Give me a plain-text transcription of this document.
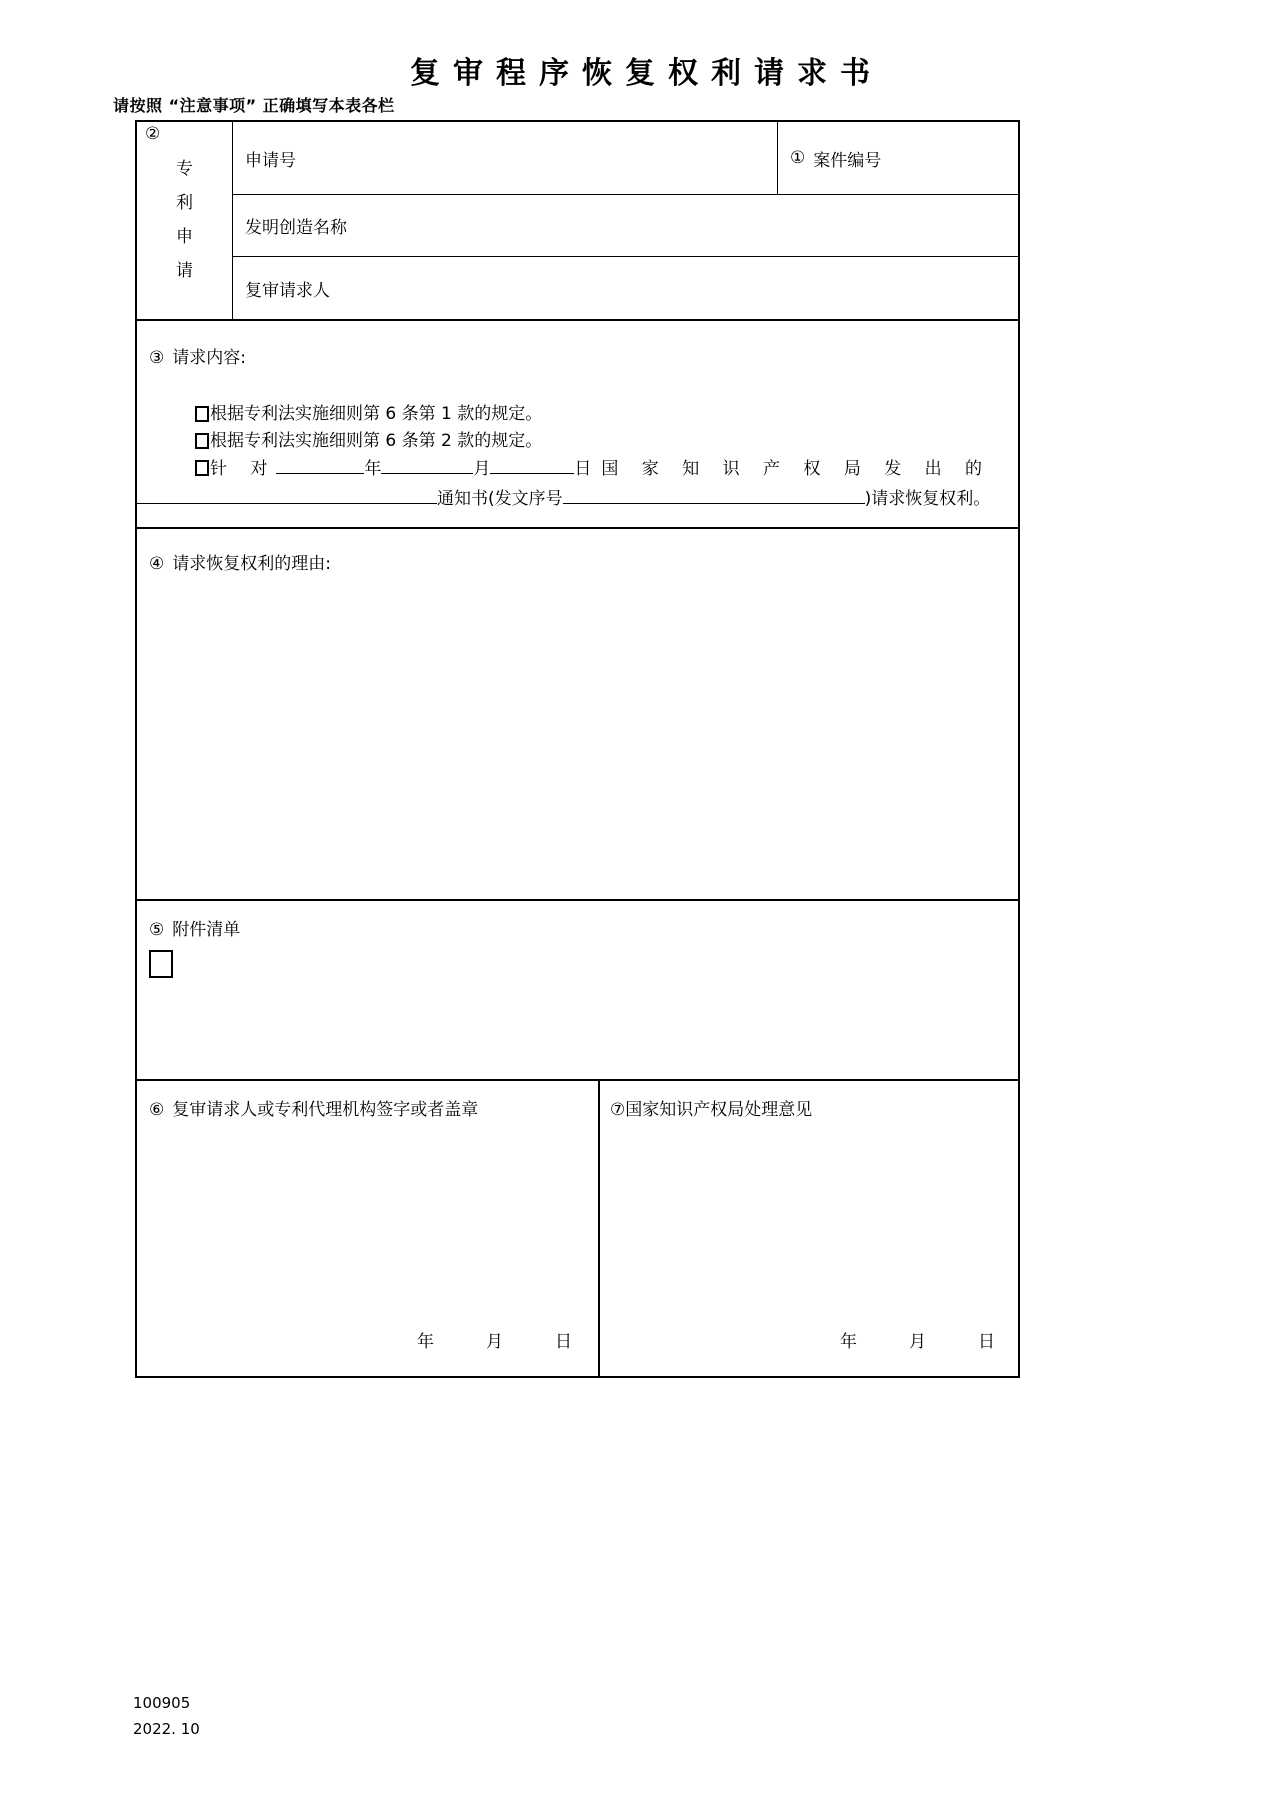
复审程序恢复权利请求书
请按照 “注意事项” 正确填写本表各栏
②
专
利
申
请
申请号	① 案件编号
发明创造名称
复审请求人
③ 请求内容:
根据专利法实施细则第 6 条第 1 款的规定。
根据专利法实施细则第 6 条第 2 款的规定。
针 对	年	月	日 国 家 知 识 产 权 局 发 出 的
通知书(发文序号	) 请求恢复权利。
④ 请求恢复权利的理由:
⑤ 附件清单
⑥ 复审请求人或专利代理机构签字或者盖章
年	月	日
⑦国家知识产权局处理意见
年	月	日
100905
2022. 10
